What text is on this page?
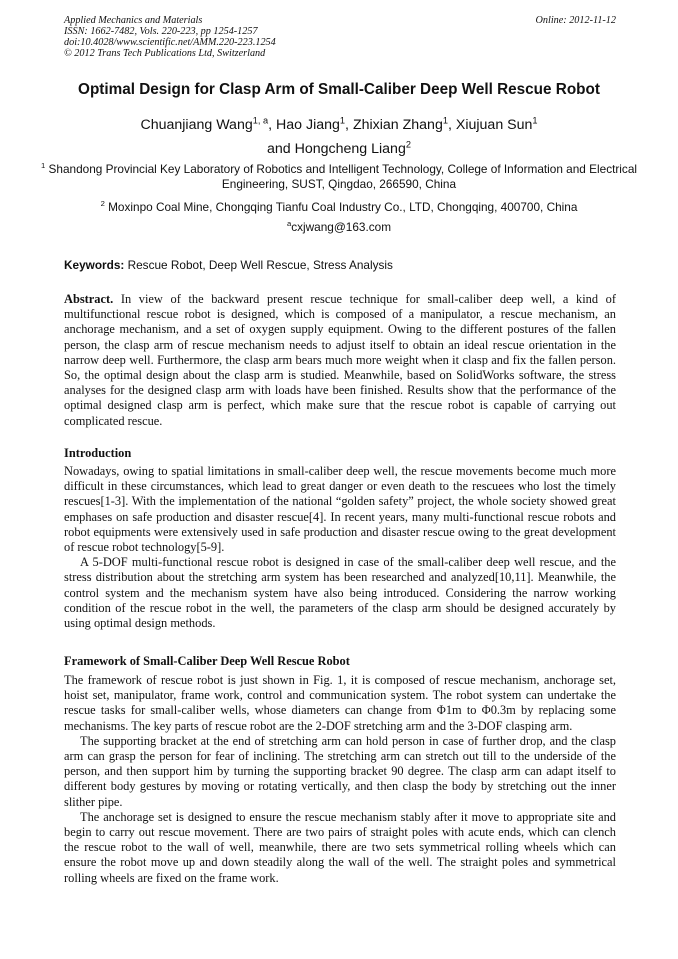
Applied Mechanics and Materials
ISSN: 1662-7482, Vols. 220-223, pp 1254-1257
doi:10.4028/www.scientific.net/AMM.220-223.1254
© 2012 Trans Tech Publications Ltd, Switzerland
Online: 2012-11-12
Optimal Design for Clasp Arm of Small-Caliber Deep Well Rescue Robot
Chuanjiang Wang$^{1, a}$, Hao Jiang$^1$, Zhixian Zhang$^1$, Xiujuan Sun$^1$
and Hongcheng Liang$^2$
$^1$ Shandong Provincial Key Laboratory of Robotics and Intelligent Technology, College of Information and Electrical Engineering, SUST, Qingdao, 266590, China
$^2$ Moxinpo Coal Mine, Chongqing Tianfu Coal Industry Co., LTD, Chongqing, 400700, China
$^a$cxjwang@163.com
Keywords: Rescue Robot, Deep Well Rescue, Stress Analysis

Abstract. In view of the backward present rescue technique for small-caliber deep well, a kind of multifunctional rescue robot is designed, which is composed of a manipulator, a rescue mechanism, an anchorage mechanism, and a set of oxygen supply equipment. Owing to the different postures of the fallen person, the clasp arm of rescue mechanism needs to adjust itself to obtain an ideal rescue orientation in the narrow deep well. Furthermore, the clasp arm bears much more weight when it clasp and fix the fallen person. So, the optimal design about the clasp arm is studied. Meanwhile, based on SolidWorks software, the stress analyses for the designed clasp arm with loads have been finished. Results show that the performance of the optimal designed clasp arm is perfect, which make sure that the rescue robot is capable of carrying out complicated rescue.

Introduction

Nowadays, owing to spatial limitations in small-caliber deep well, the rescue movements become much more difficult in these circumstances, which lead to great danger or even death to the rescuees who lost the timely rescues[1-3]. With the implementation of the national “golden safety” project, the whole society showed great emphases on safe production and disaster rescue[4]. In recent years, many multi-functional rescue robots and robot equipments were extensively used in safe production and disaster rescue owing to the great development of rescue robot technology[5-9].

A 5-DOF multi-functional rescue robot is designed in case of the small-caliber deep well rescue, and the stress distribution about the stretching arm system has been researched and analyzed[10,11]. Meanwhile, the control system and the mechanism system have also being introduced. Considering the narrow working condition of the rescue robot in the well, the parameters of the clasp arm should be designed accurately by using optimal design methods.

Framework of Small-Caliber Deep Well Rescue Robot

The framework of rescue robot is just shown in Fig. 1, it is composed of rescue mechanism, anchorage set, hoist set, manipulator, frame work, control and communication system. The robot system can undertake the rescue tasks for small-caliber wells, whose diameters can change from Φ1m to Φ0.3m by replacing some mechanisms. The key parts of rescue robot are the 2-DOF stretching arm and the 3-DOF clasping arm.

The supporting bracket at the end of stretching arm can hold person in case of further drop, and the clasp arm can grasp the person for fear of inclining. The stretching arm can stretch out till to the underside of the person, and then support him by turning the supporting bracket 90 degree. The clasp arm can adapt itself to different body gestures by moving or rotating vertically, and then clasp the body by stretching out the inner slither pipe.

The anchorage set is designed to ensure the rescue mechanism stably after it move to appropriate site and begin to carry out rescue movement. There are two pairs of straight poles with acute ends, which can clench the rescue robot to the wall of well, meanwhile, there are two sets symmetrical rolling wheels which can ensure the robot move up and down steadily along the wall of the well. The straight poles and symmetrical rolling wheels are fixed on the frame work.
